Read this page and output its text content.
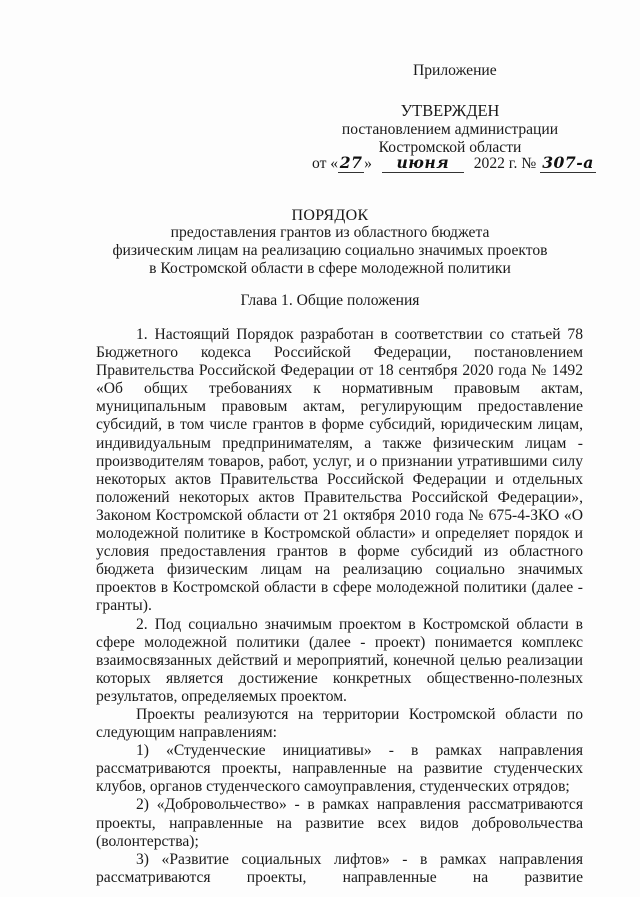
Приложение
УТВЕРЖДЕН
постановлением администрации
Костромской области
от « 27 » июня 2022 г. № 307-а
ПОРЯДОК
предоставления грантов из областного бюджета
физическим лицам на реализацию социально значимых проектов
в Костромской области в сфере молодежной политики
Глава 1. Общие положения

1. Настоящий Порядок разработан в соответствии со статьей 78 Бюджетного кодекса Российской Федерации, постановлением Правительства Российской Федерации от 18 сентября 2020 года № 1492 «Об общих требованиях к нормативным правовым актам, муниципальным правовым актам, регулирующим предоставление субсидий, в том числе грантов в форме субсидий, юридическим лицам, индивидуальным предпринимателям, а также физическим лицам - производителям товаров, работ, услуг, и о признании утратившими силу некоторых актов Правительства Российской Федерации и отдельных положений некоторых актов Правительства Российской Федерации», Законом Костромской области от 21 октября 2010 года № 675-4-ЗКО «О молодежной политике в Костромской области» и определяет порядок и условия предоставления грантов в форме субсидий из областного бюджета физическим лицам на реализацию социально значимых проектов в Костромской области в сфере молодежной политики (далее - гранты).

2. Под социально значимым проектом в Костромской области в сфере молодежной политики (далее - проект) понимается комплекс взаимосвязанных действий и мероприятий, конечной целью реализации которых является достижение конкретных общественно-полезных результатов, определяемых проектом.

Проекты реализуются на территории Костромской области по следующим направлениям:

1) «Студенческие инициативы» - в рамках направления рассматриваются проекты, направленные на развитие студенческих клубов, органов студенческого самоуправления, студенческих отрядов;

2) «Добровольчество» - в рамках направления рассматриваются проекты, направленные на развитие всех видов добровольчества (волонтерства);

3) «Развитие социальных лифтов» - в рамках направления рассматриваются проекты, направленные на развитие
